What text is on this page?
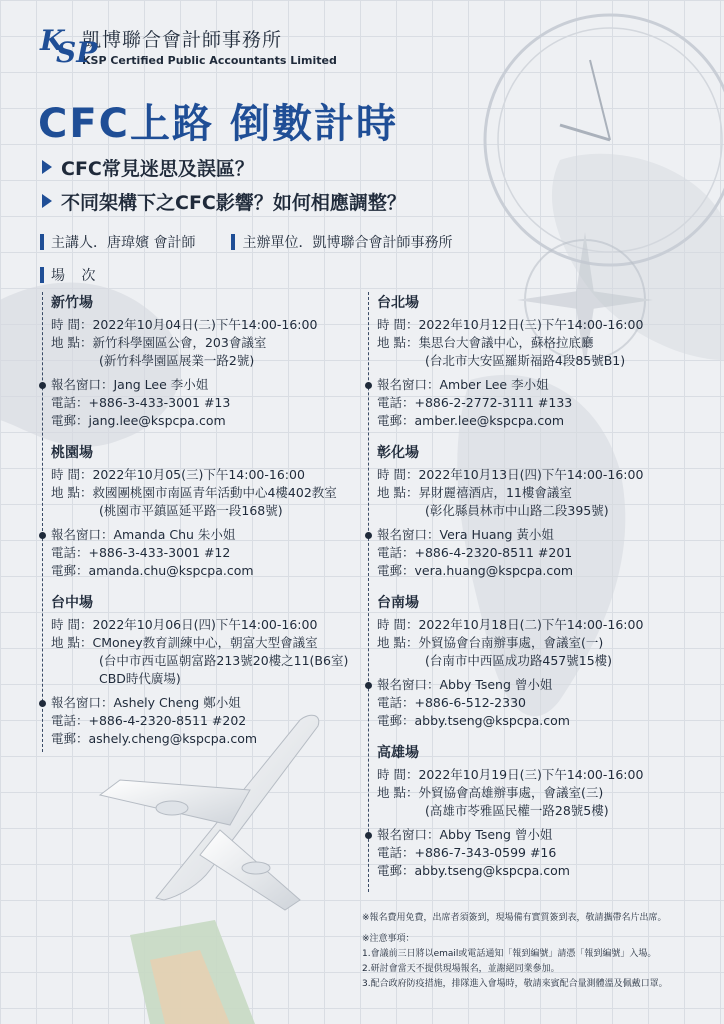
K
SP
凱博聯合會計師事務所
KSP Certified Public Accountants Limited
CFC上路 倒數計時
CFC常見迷思及誤區？
不同架構下之CFC影響？如何相應調整？
主講人．唐瑋嬪 會計師	主辦單位．凱博聯合會計師事務所
場 次
新竹場
時 間：2022年10月04日(二)下午14:00-16:00
地 點：新竹科學園區公會，203會議室
(新竹科學園區展業一路2號)
報名窗口：Jang Lee 李小姐
電話：+886-3-433-3001 #13
電郵：jang.lee@kspcpa.com
桃園場
時 間：2022年10月05(三)下午14:00-16:00
地 點：救國團桃園市南區青年活動中心4樓402教室
(桃園市平鎮區延平路一段168號)
報名窗口：Amanda Chu 朱小姐
電話：+886-3-433-3001 #12
電郵：amanda.chu@kspcpa.com
台中場
時 間：2022年10月06日(四)下午14:00-16:00
地 點：CMoney教育訓練中心，朝富大型會議室
(台中市西屯區朝富路213號20樓之11(B6室)
CBD時代廣場)
報名窗口：Ashely Cheng 鄭小姐
電話：+886-4-2320-8511 #202
電郵：ashely.cheng@kspcpa.com
台北場
時 間：2022年10月12日(三)下午14:00-16:00
地 點：集思台大會議中心，蘇格拉底廳
(台北市大安區羅斯福路4段85號B1)
報名窗口：Amber Lee 李小姐
電話：+886-2-2772-3111 #133
電郵：amber.lee@kspcpa.com
彰化場
時 間：2022年10月13日(四)下午14:00-16:00
地 點：昇財麗禧酒店，11樓會議室
(彰化縣員林市中山路二段395號)
報名窗口：Vera Huang 黃小姐
電話：+886-4-2320-8511 #201
電郵：vera.huang@kspcpa.com
台南場
時 間：2022年10月18日(二)下午14:00-16:00
地 點：外貿協會台南辦事處，會議室(一)
(台南市中西區成功路457號15樓)
報名窗口：Abby Tseng 曾小姐
電話：+886-6-512-2330
電郵：abby.tseng@kspcpa.com
高雄場
時 間：2022年10月19日(三)下午14:00-16:00
地 點：外貿協會高雄辦事處，會議室(三)
(高雄市苓雅區民權一路28號5樓)
報名窗口：Abby Tseng 曾小姐
電話：+886-7-343-0599 #16
電郵：abby.tseng@kspcpa.com
※報名費用免費，出席者須簽到，現場備有實質簽到表，敬請攜帶名片出席。
※注意事項：
1.會議前三日將以email或電話通知「報到編號」請憑「報到編號」入場。
2.研討會當天不提供現場報名，並謝絕同業參加。
3.配合政府防疫措施，排隊進入會場時，敬請來賓配合量測體溫及佩戴口罩。
